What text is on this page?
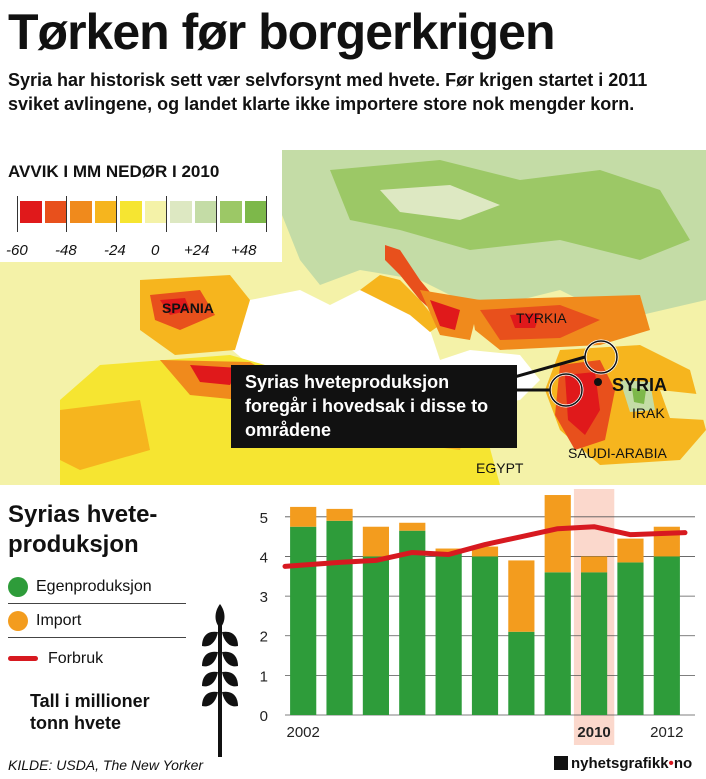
Tørken før borgerkrigen
Syria har historisk sett vær selvforsynt med hvete. Før krigen startet i 2011 sviket avlingene, og landet klarte ikke importere store nok mengder korn.
AVVIK I MM NEDØR I 2010
-60 -48 -24 0 +24 +48
SPANIA
TYRKIA
SYRIA
IRAK
EGYPT
SAUDI-ARABIA
Syrias hveteproduksjon foregår i hovedsak i disse to områdene
Syrias hvete-
produksjon
Egenproduksjon
Import
Forbruk
Tall i millioner
tonn hvete	0
1
2
3
4
5
2002	2010	2012
KILDE: USDA, The New Yorker	nyhetsgrafikk•no
